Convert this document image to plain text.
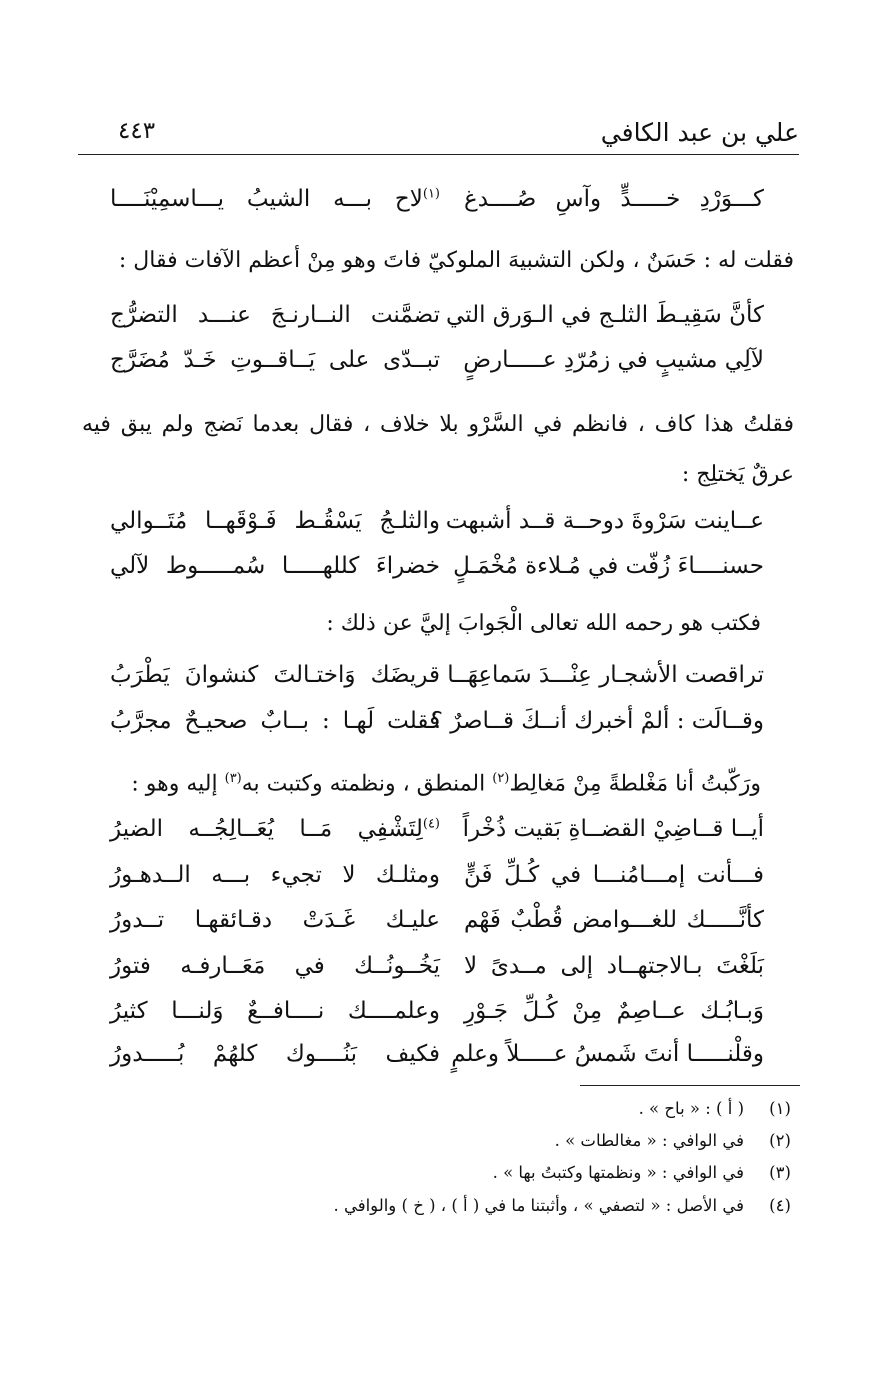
علي بن عبد الكافي
٤٤٣
كـــوَرْدِ خـــــدٍّ وآسِ صُــــدغ
$^{(١)}$لاح بـــه الشيبُ يـــاسمِيْنَــــا
فقلت له : حَسَنٌ ، ولكن التشبيهَ الملوكيّ فاتَ وهو مِنْ أعظم الآفات فقال :
كأنَّ سَقِيـطَ الثلـج في الـوَرق التي
تضمَّنت النــارنـجَ عنـــد التضرُّج
لآلِي مشيبٍ في زمُرّدِ عـــــارضٍ
تبــدّى على يَــاقــوتِ خَـدّ مُضَرَّج
فقلتُ هذا كاف ، فانظم في السَّرْو بلا خلاف ، فقال بعدما نَضج ولم يبق فيه عرقٌ يَختلِج :
عــاينت سَرْوةَ دوحــة قــد أشبهت
والثلـجُ يَسْقُـط فَـوْقَهــا مُتَــوالي
حسنــــاءَ زُفّت في مُـلاءة مُخْمَـلٍ
خضراءَ كللهـــــا سُمـــــوط لآلي
فكتب هو رحمه الله تعالى الْجَوابَ إليَّ عن ذلك :
تراقصت الأشجـار عِنْـــدَ سَماعِهَــا
قريضَك وَاختـالتَ كنشوانَ يَطْرَبُ
وقــالَت : ألمْ أخبرك أنــكَ قــاصرٌ ؟
فقلت لَهـا : بــابٌ صحيـحٌ مجرَّبُ
ورَكّبتُ أنا مَغْلطةً مِنْ مَغالِط$^{(٢)}$ المنطق ، ونظمته وكتبت به$^{(٣)}$ إليه وهو :
أيــا قــاضِيْ القضــاةِ بَقيت ذُخْراً
$^{(٤)}$لِتَشْفِي مَــا يُعَــالِجُــه الضيرُ
فـــأنت إمـــامُنـــا في كُـلِّ فَنٍّ
ومثلـك لا تجيء بـــه الــدهـورُ
كأنَّـــــك للغـــوامض قُطْبٌ فَهْم
عليـك غَـدَتْ دقـائقهـا تــدورُ
بَلَغْتَ بـالاجتهــاد إلى مــدىً لا
يَخُــونُــك في مَعَــارفـه فتورُ
وَبـابُـك عــاصِمٌ مِنْ كُـلِّ جَـوْرِ
وعلمــــك نــــافــعٌ وَلنـــا كثيرُ
وقلْنـــــا أنتَ شَمسُ عـــــلاً وعلمٍ
فكيف بَنُــــوك كلهُمْ بُـــــدورُ
(١)
( أ ) : « باح » .
(٢)
في الوافي : « مغالطات » .
(٣)
في الوافي : « ونظمتها وكتبتُ بها » .
(٤)
في الأصل : « لتصفي » ، وأثبتنا ما في ( أ ) ، ( خ ) والوافي .
